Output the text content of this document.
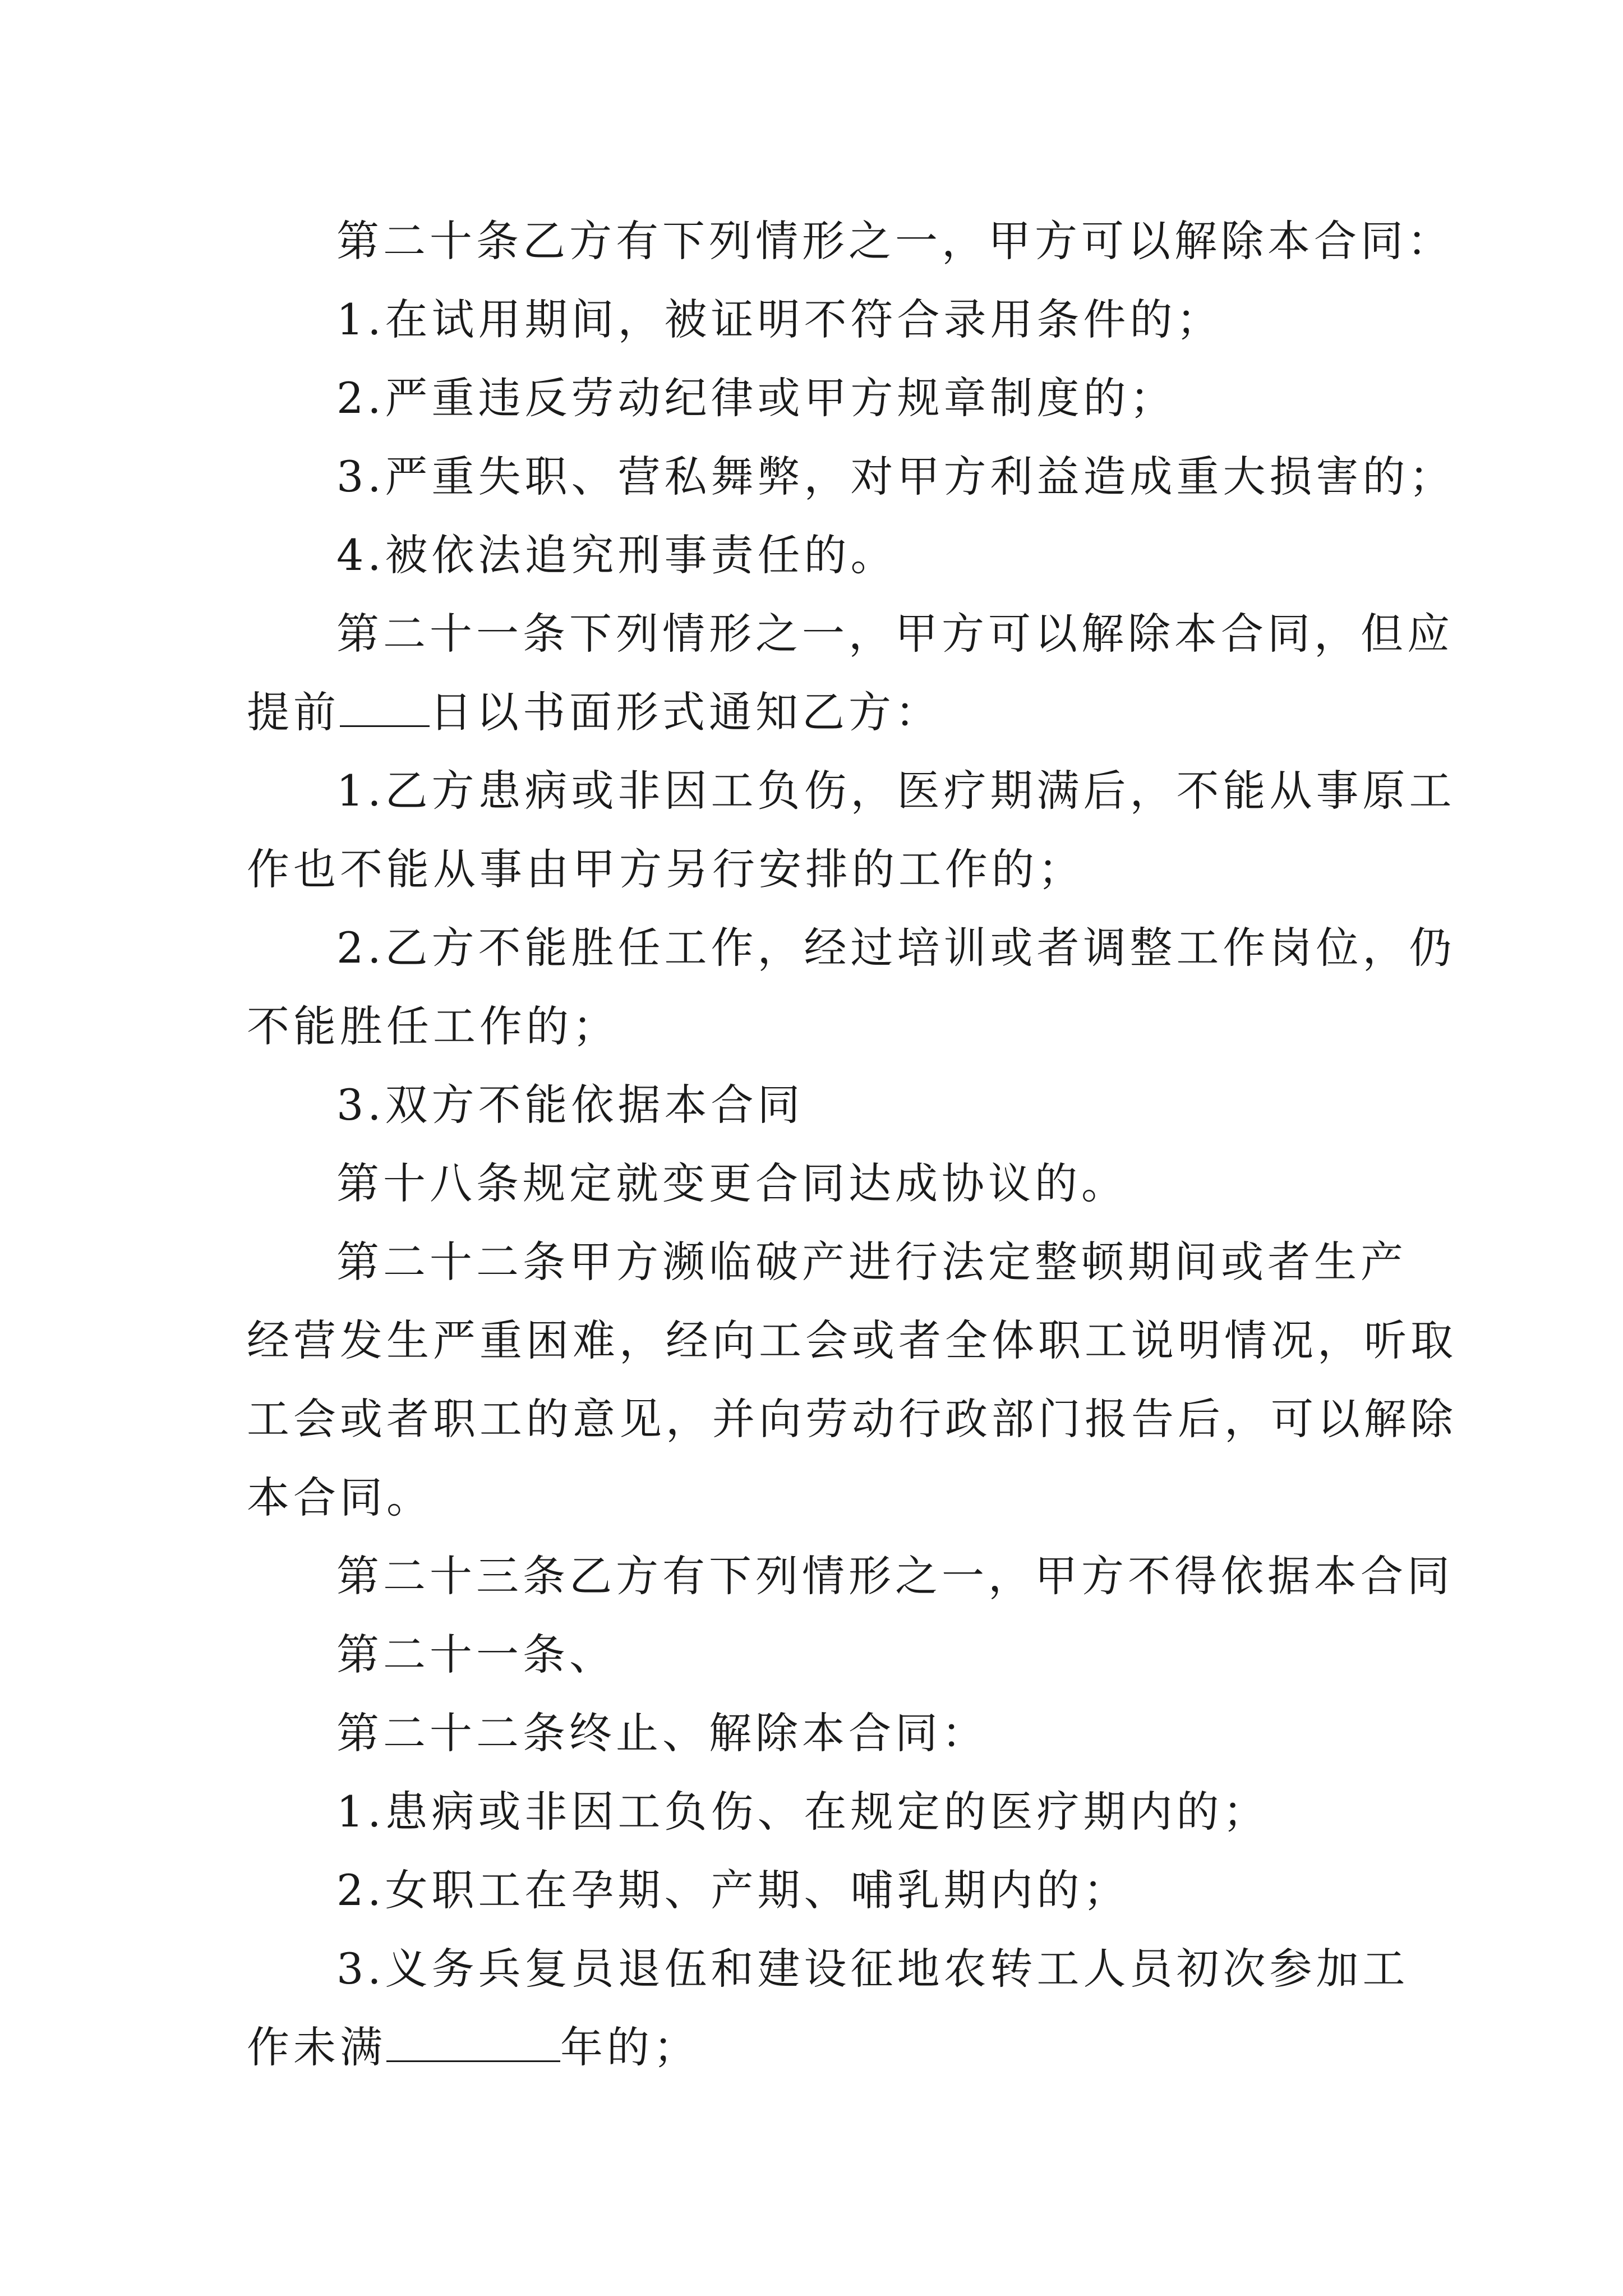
第二十条乙方有下列情形之一，甲方可以解除本合同：
1.在试用期间，被证明不符合录用条件的；
2.严重违反劳动纪律或甲方规章制度的；
3.严重失职、营私舞弊，对甲方利益造成重大损害的；
4.被依法追究刑事责任的。
第二十一条下列情形之一，甲方可以解除本合同，但应
提前 日以书面形式通知乙方：
1.乙方患病或非因工负伤，医疗期满后，不能从事原工
作也不能从事由甲方另行安排的工作的；
2.乙方不能胜任工作，经过培训或者调整工作岗位，仍
不能胜任工作的；
3.双方不能依据本合同
第十八条规定就变更合同达成协议的。
第二十二条甲方濒临破产进行法定整顿期间或者生产
经营发生严重困难，经向工会或者全体职工说明情况，听取
工会或者职工的意见，并向劳动行政部门报告后，可以解除
本合同。
第二十三条乙方有下列情形之一，甲方不得依据本合同
第二十一条、
第二十二条终止、解除本合同：
1.患病或非因工负伤、在规定的医疗期内的；
2.女职工在孕期、产期、哺乳期内的；
3.义务兵复员退伍和建设征地农转工人员初次参加工
作未满	年的；
